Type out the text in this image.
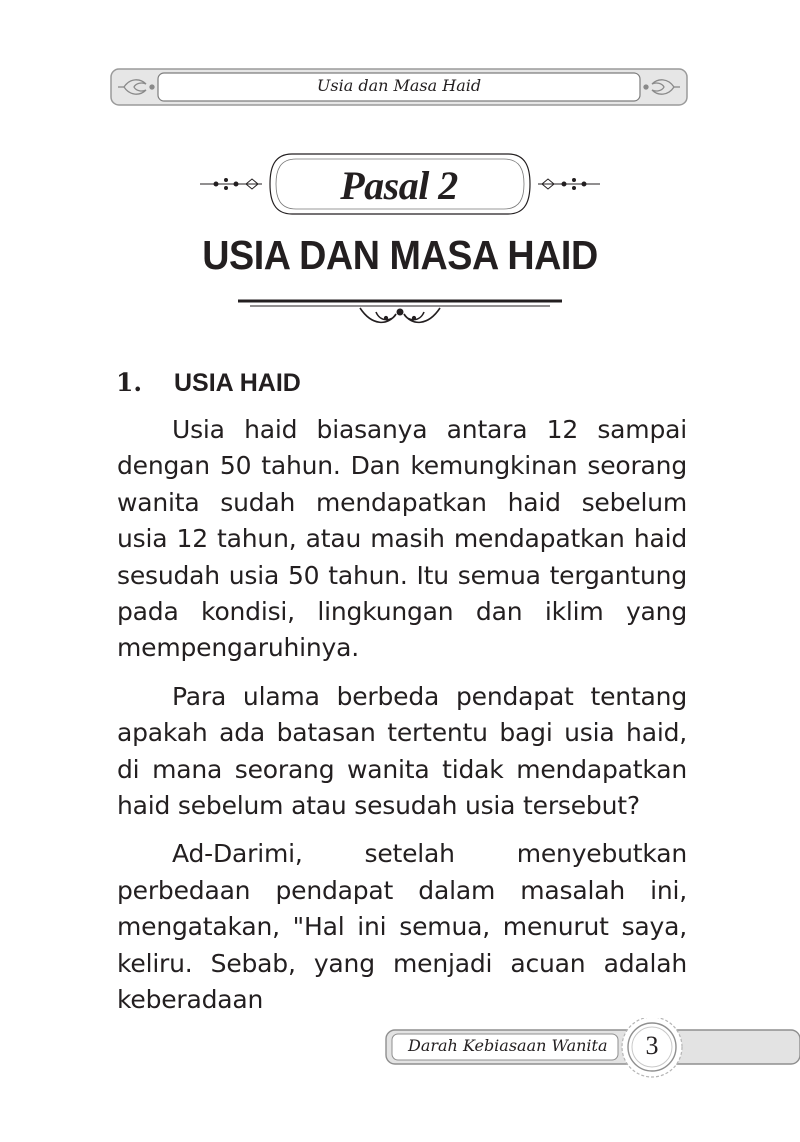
Usia dan Masa Haid
Pasal 2
USIA DAN MASA HAID
1. USIA HAID

Usia haid biasanya antara 12 sampai dengan 50 tahun. Dan kemungkinan seorang wanita sudah mendapatkan haid sebelum usia 12 tahun, atau masih mendapatkan haid sesudah usia 50 tahun. Itu semua tergantung pada kondisi, lingkungan dan iklim yang mempengaruhinya.

Para ulama berbeda pendapat tentang apakah ada batasan tertentu bagi usia haid, di mana seorang wanita tidak mendapatkan haid sebelum atau sesudah usia tersebut?

Ad-Darimi, setelah menyebutkan perbedaan pendapat dalam masalah ini, mengatakan, "Hal ini semua, menurut saya, keliru. Sebab, yang menjadi acuan adalah keberadaan

Darah Kebiasaan Wanita	3
